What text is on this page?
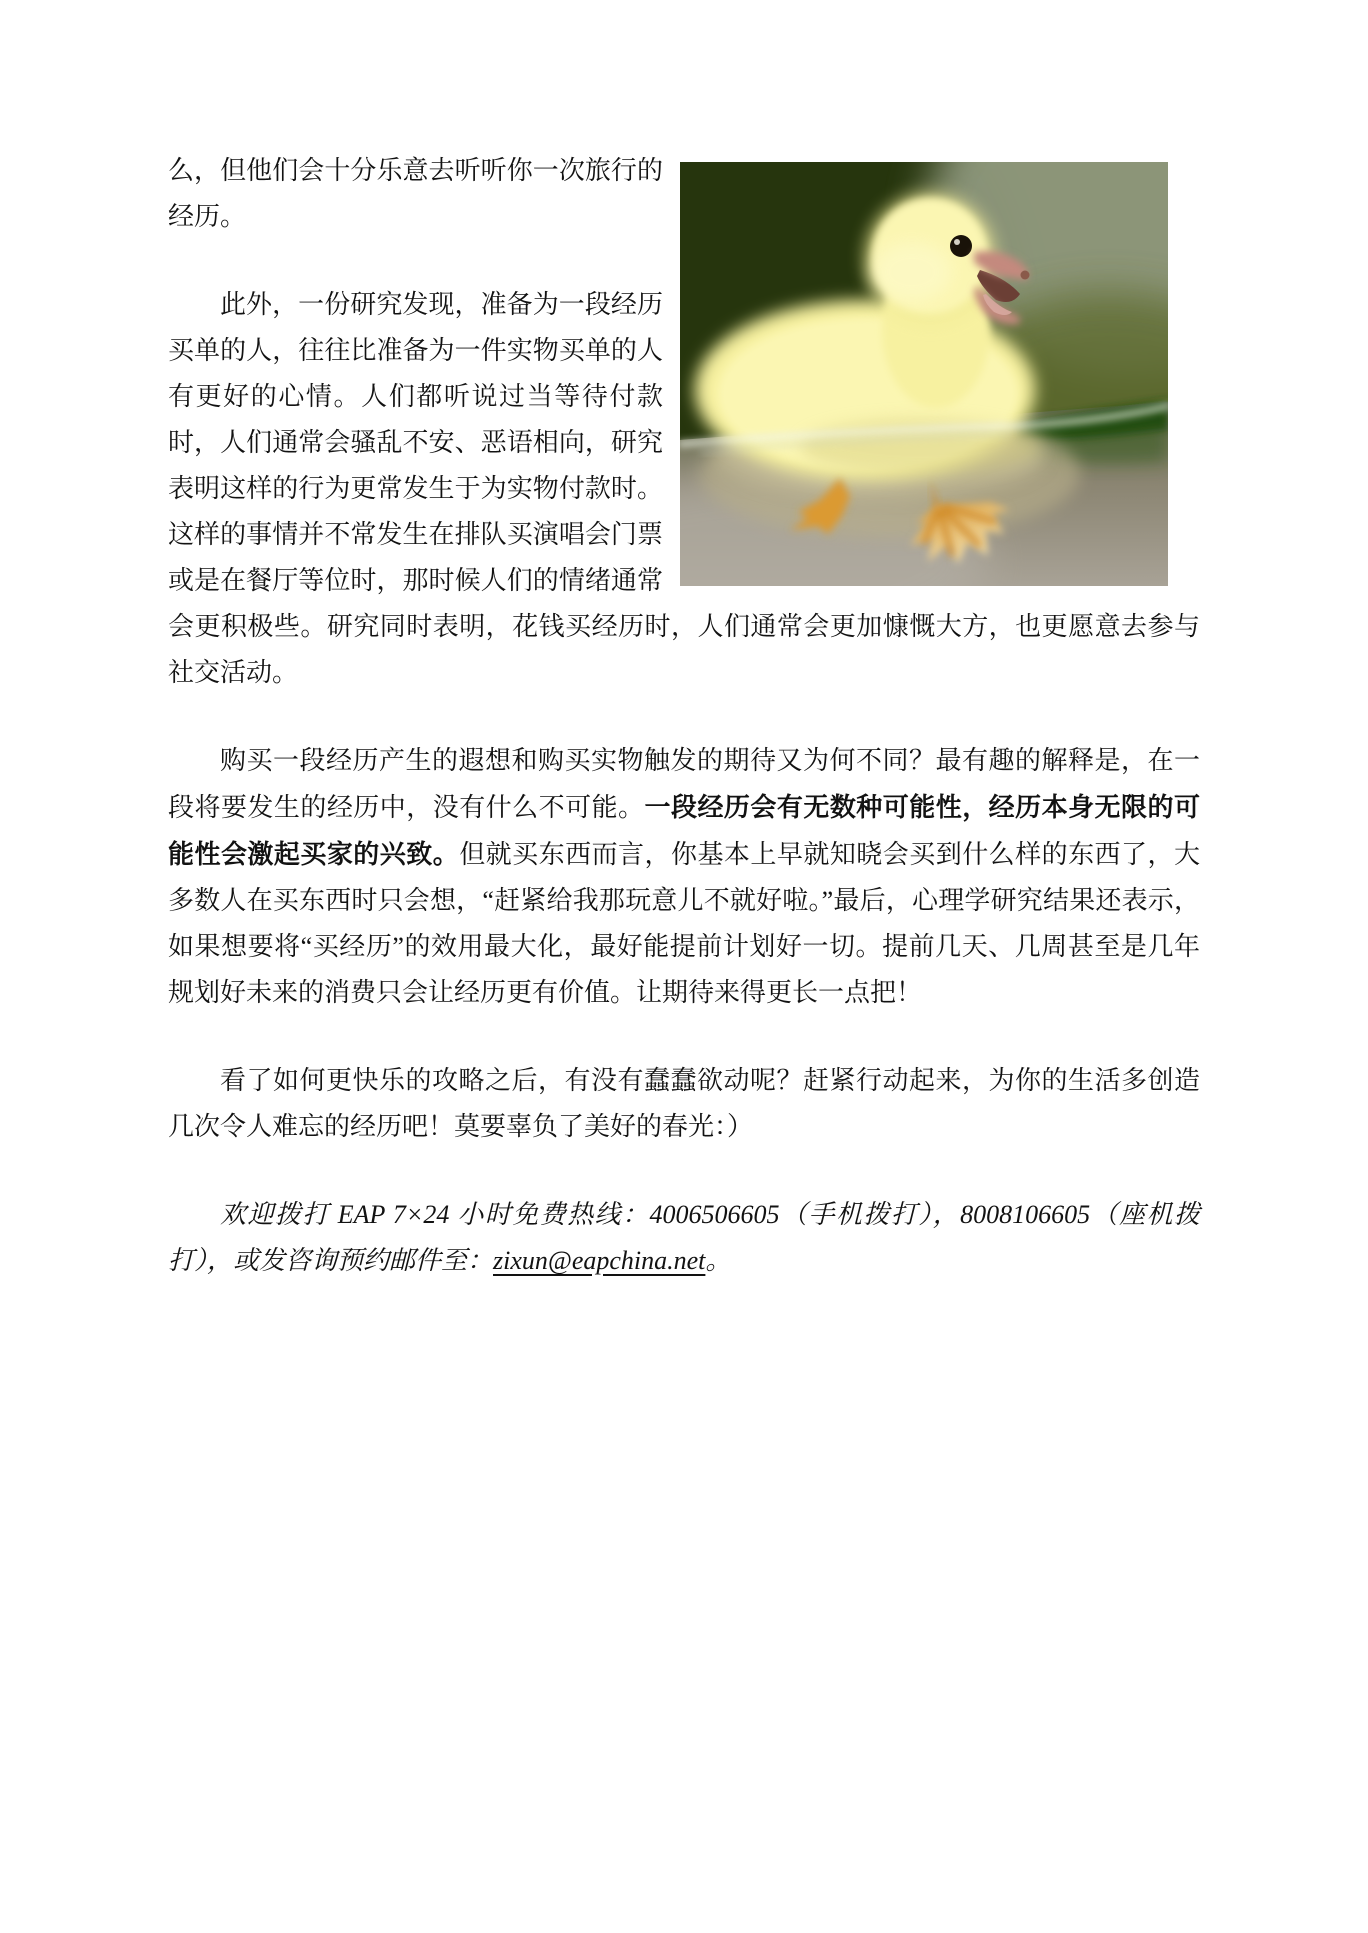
么，但他们会十分乐意去听听你一次旅行的经历。

此外，一份研究发现，准备为一段经历买单的人，往往比准备为一件实物买单的人有更好的心情。人们都听说过当等待付款时，人们通常会骚乱不安、恶语相向，研究表明这样的行为更常发生于为实物付款时。这样的事情并不常发生在排队买演唱会门票或是在餐厅等位时，那时候人们的情绪通常会更积极些。研究同时表明，花钱买经历时，人们通常会更加慷慨大方，也更愿意去参与社交活动。

购买一段经历产生的遐想和购买实物触发的期待又为何不同？最有趣的解释是，在一段将要发生的经历中，没有什么不可能。一段经历会有无数种可能性，经历本身无限的可能性会激起买家的兴致。但就买东西而言，你基本上早就知晓会买到什么样的东西了，大多数人在买东西时只会想，“赶紧给我那玩意儿不就好啦。”最后，心理学研究结果还表示，如果想要将“买经历”的效用最大化，最好能提前计划好一切。提前几天、几周甚至是几年规划好未来的消费只会让经历更有价值。让期待来得更长一点把！

看了如何更快乐的攻略之后，有没有蠢蠢欲动呢？赶紧行动起来，为你的生活多创造几次令人难忘的经历吧！莫要辜负了美好的春光：）

欢迎拨打 EAP 7×24 小时免费热线：4006506605（手机拨打），8008106605（座机拨打），或发咨询预约邮件至：zixun@eapchina.net。
